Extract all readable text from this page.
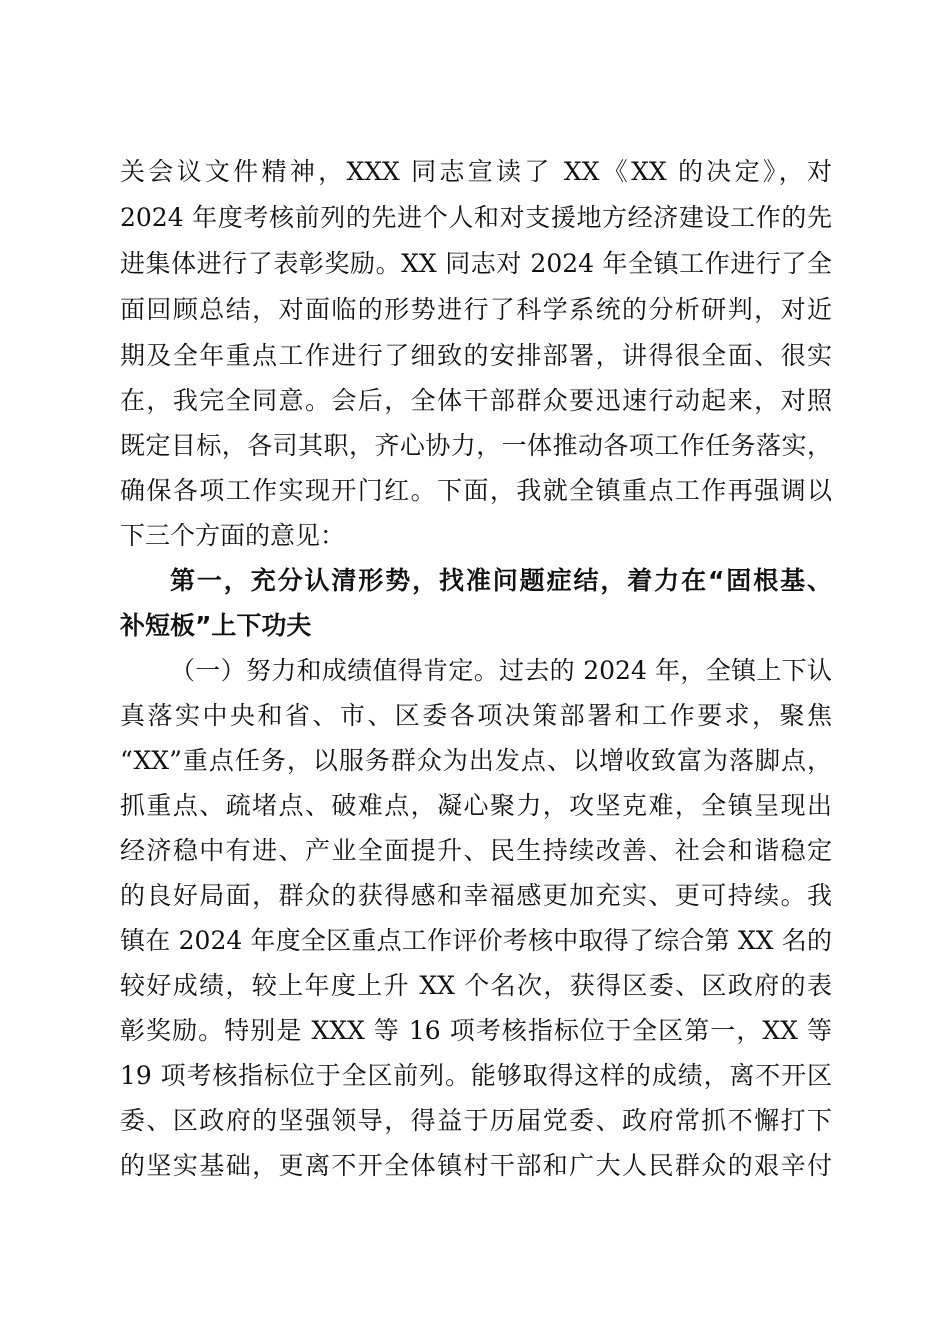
关会议文件精神，XXX 同志宣读了 XX《XX 的决定》，对
2024 年度考核前列的先进个人和对支援地方经济建设工作的先
进集体进行了表彰奖励。XX 同志对 2024 年全镇工作进行了全
面回顾总结，对面临的形势进行了科学系统的分析研判，对近
期及全年重点工作进行了细致的安排部署，讲得很全面、很实
在，我完全同意。会后，全体干部群众要迅速行动起来，对照
既定目标，各司其职，齐心协力，一体推动各项工作任务落实，
确保各项工作实现开门红。下面，我就全镇重点工作再强调以
下三个方面的意见：
第一，充分认清形势，找准问题症结，着力在“固根基、
补短板”上下功夫
（一）努力和成绩值得肯定。过去的 2024 年，全镇上下认
真落实中央和省、市、区委各项决策部署和工作要求，聚焦
“XX”重点任务，以服务群众为出发点、以增收致富为落脚点，
抓重点、疏堵点、破难点，凝心聚力，攻坚克难，全镇呈现出
经济稳中有进、产业全面提升、民生持续改善、社会和谐稳定
的良好局面，群众的获得感和幸福感更加充实、更可持续。我
镇在 2024 年度全区重点工作评价考核中取得了综合第 XX 名的
较好成绩，较上年度上升 XX 个名次，获得区委、区政府的表
彰奖励。特别是 XXX 等 16 项考核指标位于全区第一，XX 等
19 项考核指标位于全区前列。能够取得这样的成绩，离不开区
委、区政府的坚强领导，得益于历届党委、政府常抓不懈打下
的坚实基础，更离不开全体镇村干部和广大人民群众的艰辛付
